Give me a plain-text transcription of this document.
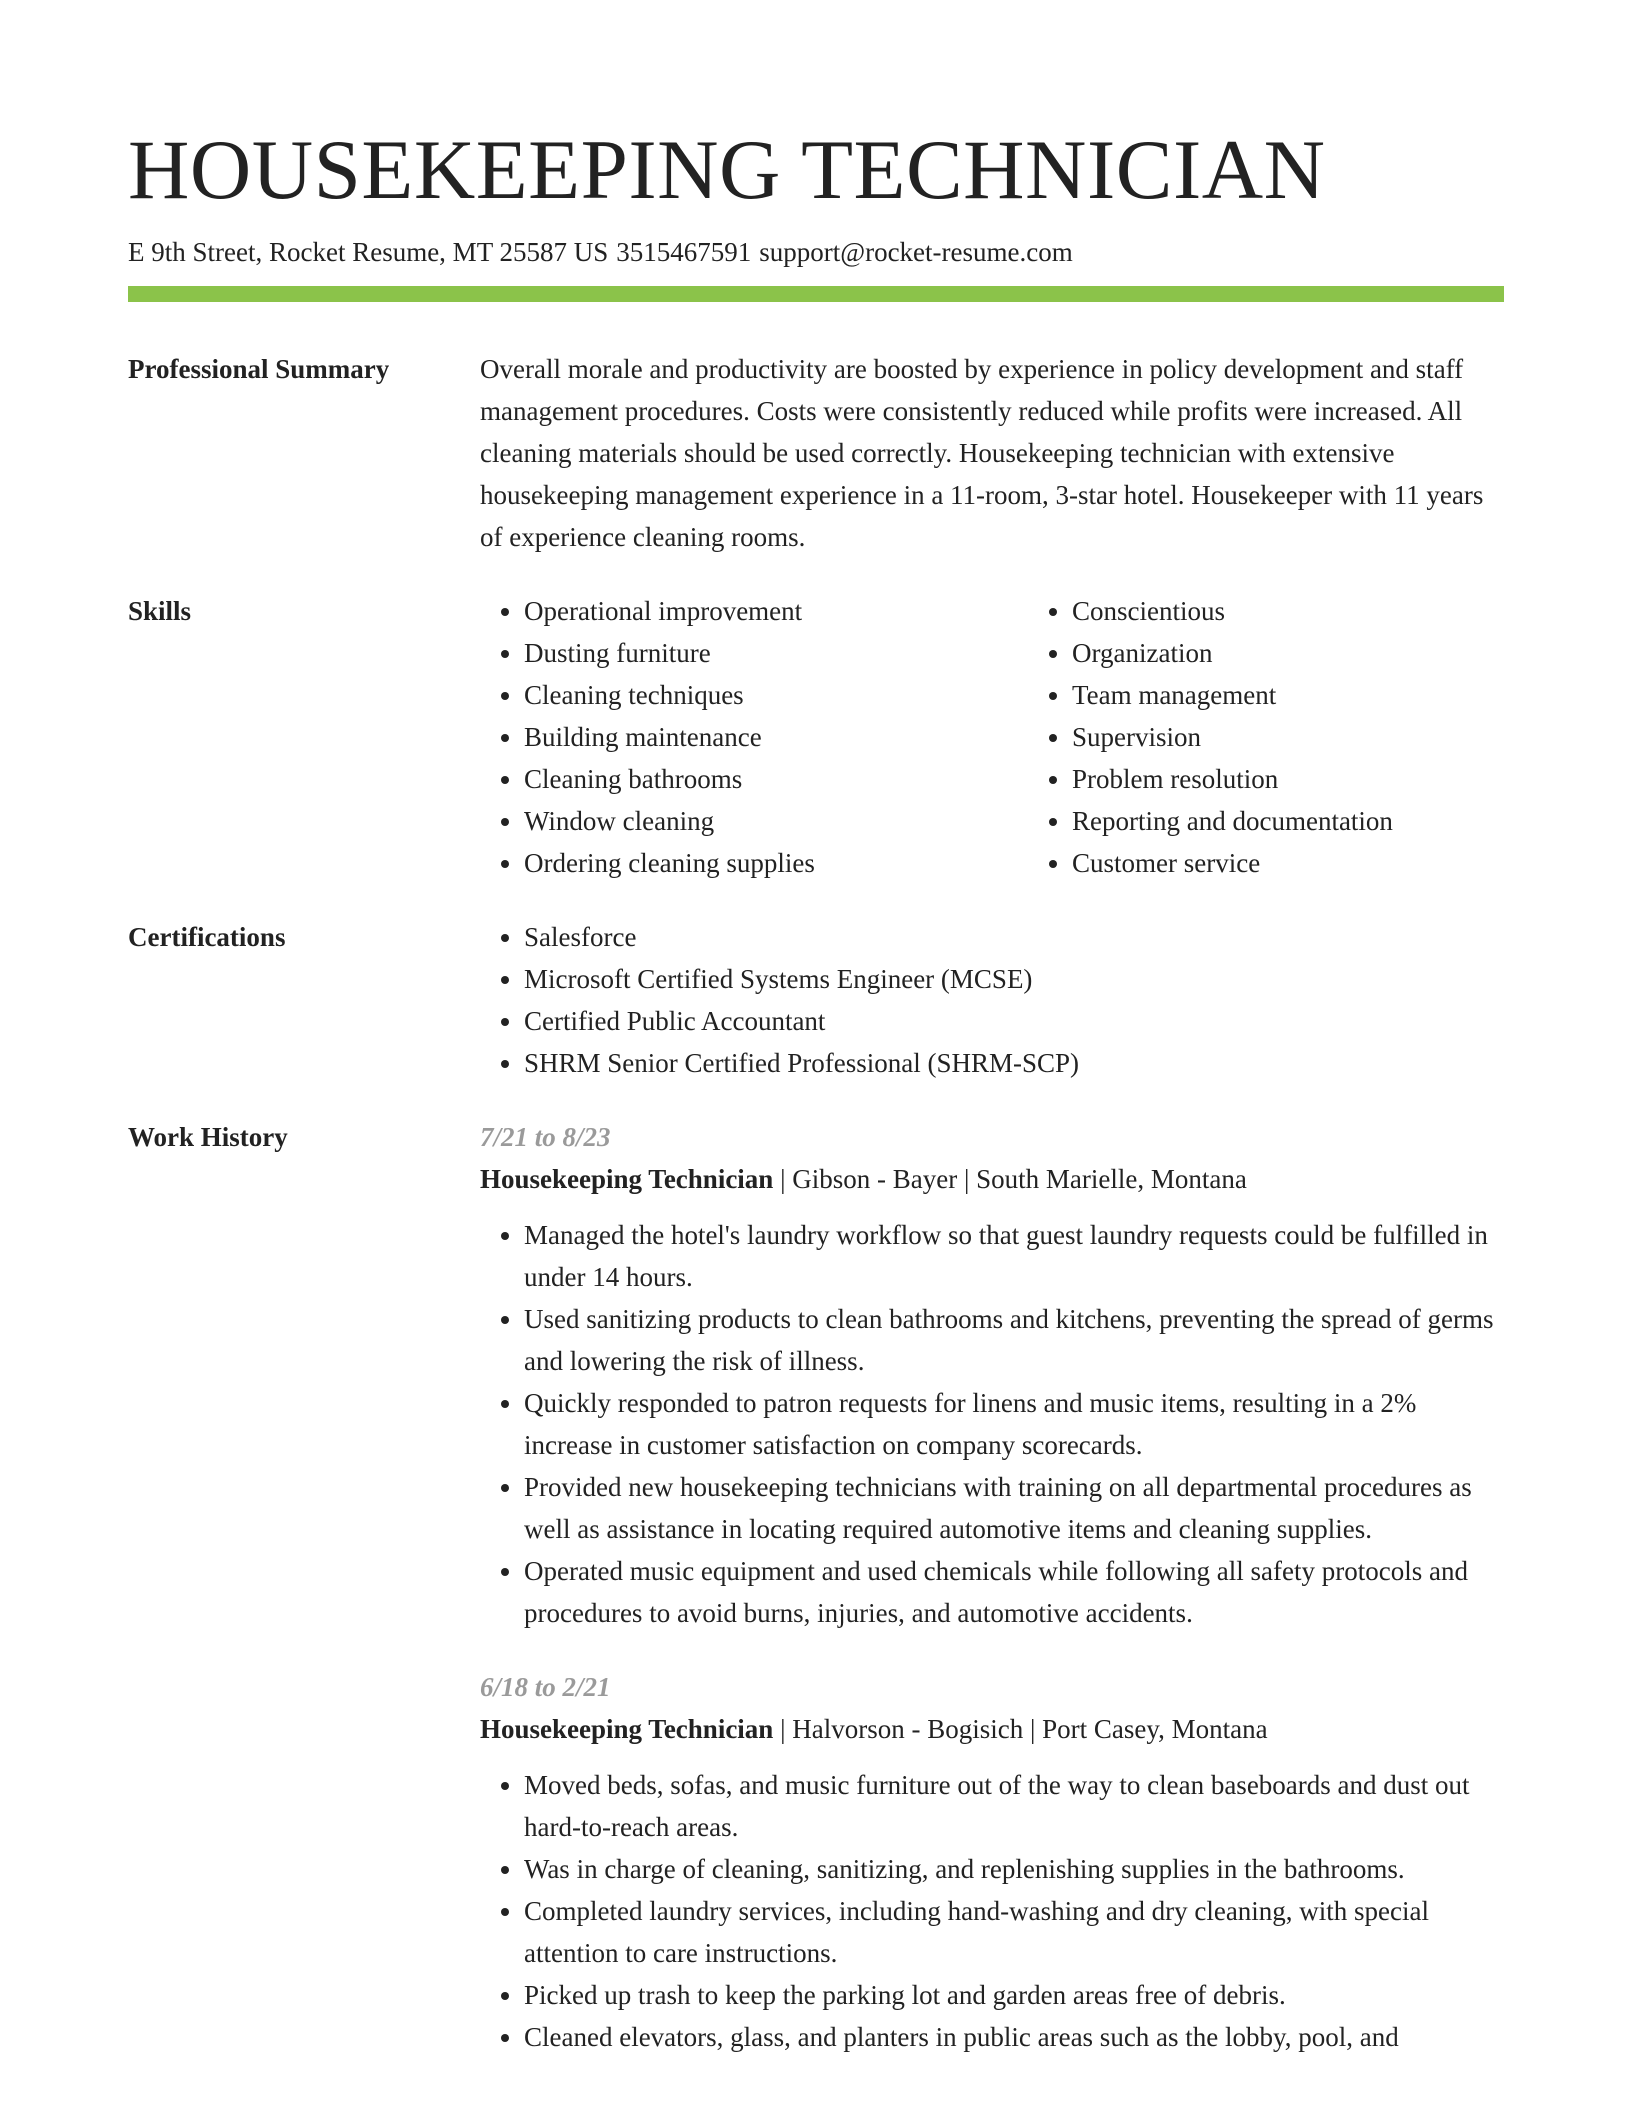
HOUSEKEEPING TECHNICIAN
E 9th Street, Rocket Resume, MT 25587 US 3515467591 support@rocket-resume.com
Professional Summary	Overall morale and productivity are boosted by experience in policy development and staff management procedures. Costs were consistently reduced while profits were increased. All cleaning materials should be used correctly. Housekeeping technician with extensive housekeeping management experience in a 11-room, 3-star hotel. Housekeeper with 11 years of experience cleaning rooms.

Skills	• Operational improvement
• Dusting furniture
• Cleaning techniques
• Building maintenance
• Cleaning bathrooms
• Window cleaning
• Ordering cleaning supplies
• Conscientious
• Organization
• Team management
• Supervision
• Problem resolution
• Reporting and documentation
• Customer service
Certifications	• Salesforce
• Microsoft Certified Systems Engineer (MCSE)
• Certified Public Accountant
• SHRM Senior Certified Professional (SHRM-SCP)
Work History	7/21 to 8/23
Housekeeping Technician | Gibson - Bayer | South Marielle, Montana
• Managed the hotel's laundry workflow so that guest laundry requests could be fulfilled in under 14 hours.
• Used sanitizing products to clean bathrooms and kitchens, preventing the spread of germs and lowering the risk of illness.
• Quickly responded to patron requests for linens and music items, resulting in a 2% increase in customer satisfaction on company scorecards.
• Provided new housekeeping technicians with training on all departmental procedures as well as assistance in locating required automotive items and cleaning supplies.
• Operated music equipment and used chemicals while following all safety protocols and procedures to avoid burns, injuries, and automotive accidents.
6/18 to 2/21
Housekeeping Technician | Halvorson - Bogisich | Port Casey, Montana
• Moved beds, sofas, and music furniture out of the way to clean baseboards and dust out hard-to-reach areas.
• Was in charge of cleaning, sanitizing, and replenishing supplies in the bathrooms.
• Completed laundry services, including hand-washing and dry cleaning, with special attention to care instructions.
• Picked up trash to keep the parking lot and garden areas free of debris.
• Cleaned elevators, glass, and planters in public areas such as the lobby, pool, and
